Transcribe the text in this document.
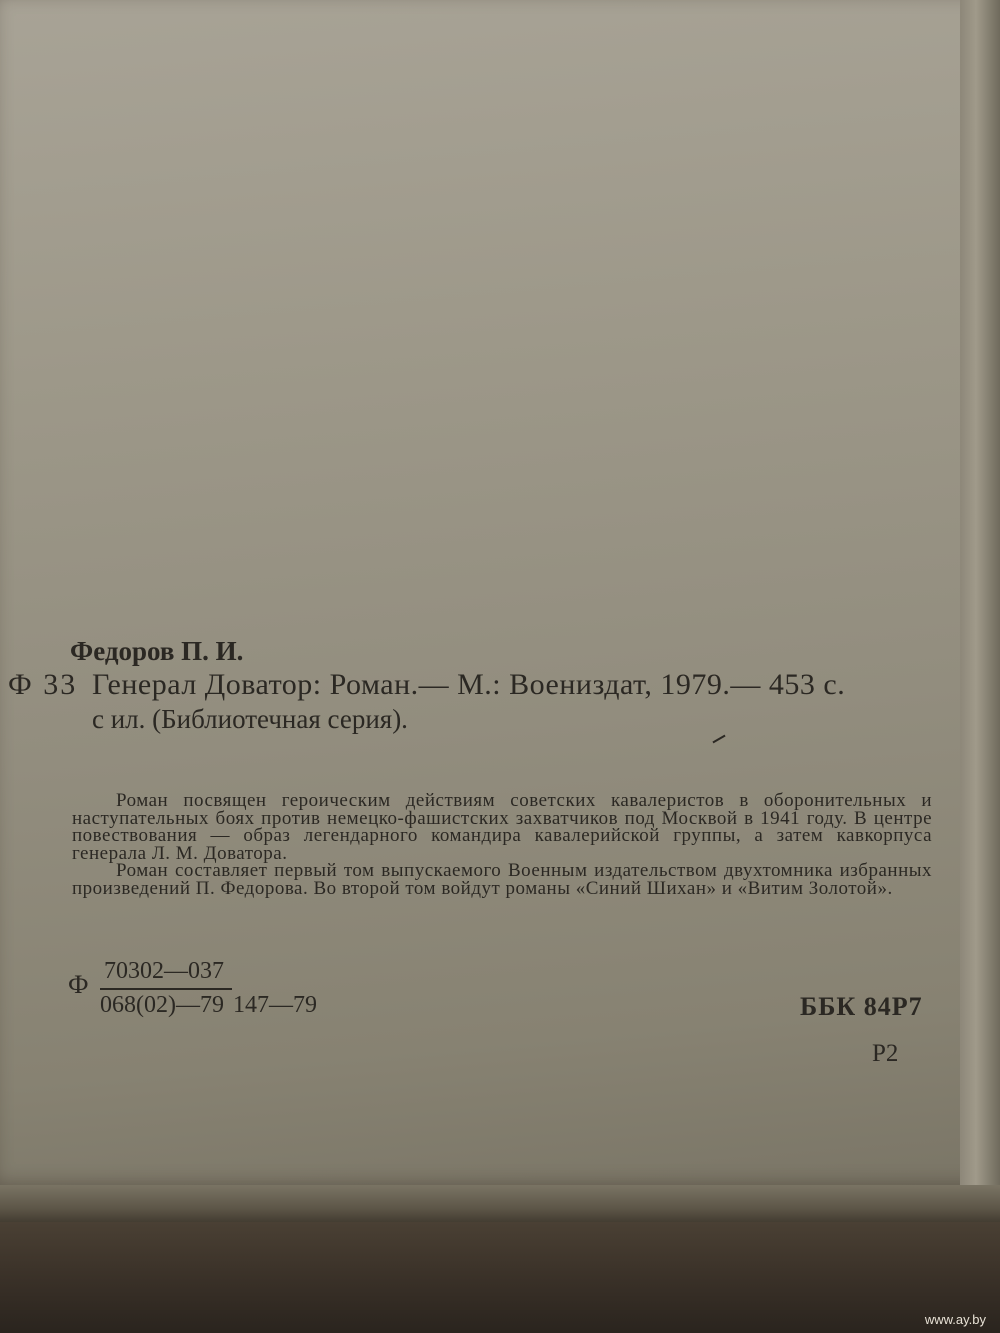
Федоров П. И.
Ф 33 Генерал Доватор: Роман.— М.: Воениздат, 1979.— 453 с.
с ил. (Библиотечная серия).

Роман посвящен героическим действиям советских кавалеристов в оборонительных и наступательных боях против немецко-фашистских захватчиков под Москвой в 1941 году. В центре повествования — образ легендарного командира кавалерийской группы, а затем кавкорпуса генерала Л. М. Доватора.

Роман составляет первый том выпускаемого Военным издательством двухтомника избранных произведений П. Федорова. Во второй том войдут романы «Синий Шихан» и «Витим Золотой».

Ф 70302—037
068(02)—79 147—79	ББК 84Р7
Р2
www.ay.by
